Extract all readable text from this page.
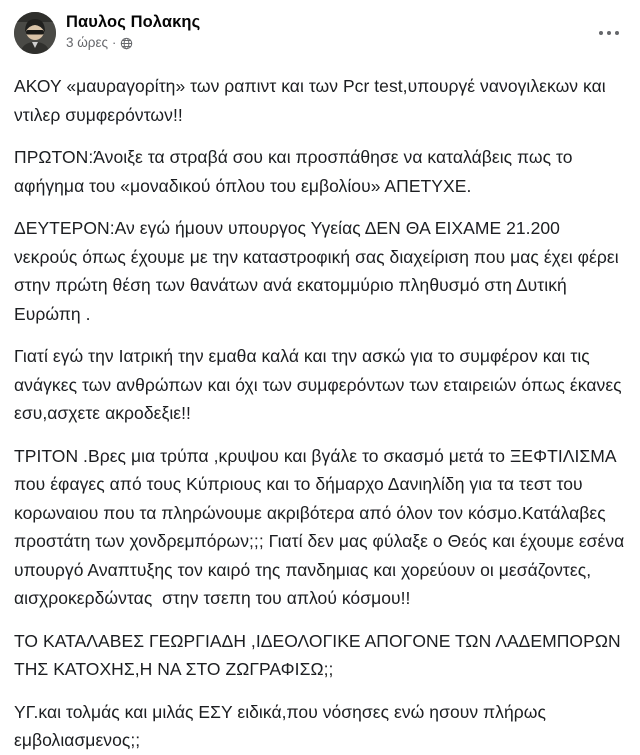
Παυλος Πολακης
3 ώρες ·

ΑΚΟΥ «μαυραγορίτη» των ραπιντ και των Pcr test,υπουργέ νανογιλεκων και ντιλερ συμφερόντων!!

ΠΡΩΤΟΝ:Άνοιξε τα στραβά σου και προσπάθησε να καταλάβεις πως το αφήγημα του «μοναδικού όπλου του εμβολίου» ΑΠΕΤΥΧΕ.

ΔΕΥΤΕΡΟΝ:Αν εγώ ήμουν υπουργος Υγείας ΔΕΝ ΘΑ ΕΙΧΑΜΕ 21.200 νεκρούς όπως έχουμε με την καταστροφική σας διαχείριση που μας έχει φέρει στην πρώτη θέση των θανάτων ανά εκατομμύριο πληθυσμό στη Δυτική Ευρώπη .

Γιατί εγώ την Ιατρική την εμαθα καλά και την ασκώ για το συμφέρον και τις ανάγκες των ανθρώπων και όχι των συμφερόντων των εταιρειών όπως έκανες εσυ,ασχετε ακροδεξιε!!

ΤΡΙΤΟΝ .Βρες μια τρύπα ,κρυψου και βγάλε το σκασμό μετά το ΞΕΦΤΙΛΙΣΜΑ που έφαγες από τους Κύπριους και το δήμαρχο Δανιηλίδη για τα τεστ του κορωναιου που τα πληρώνουμε ακριβότερα από όλον τον κόσμο.Κατάλαβες προστάτη των χονδρεμπόρων;;; Γιατί δεν μας φύλαξε ο Θεός και έχουμε εσένα υπουργό Αναπτυξης τον καιρό της πανδημιας και χορεύουν οι μεσάζοντες, αισχροκερδώντας  στην τσεπη του απλού κόσμου!!

ΤΟ ΚΑΤΑΛΑΒΕΣ ΓΕΩΡΓΙΑΔΗ ,ΙΔΕΟΛΟΓΙΚΕ ΑΠΟΓΟΝΕ ΤΩΝ ΛΑΔΕΜΠΟΡΩΝ ΤΗΣ ΚΑΤΟΧΗΣ,Η ΝΑ ΣΤΟ ΖΩΓΡΑΦΙΣΩ;;

ΥΓ.και τολμάς και μιλάς ΕΣΥ ειδικά,που νόσησες ενώ ησουν πλήρως εμβολιασμενος;;
